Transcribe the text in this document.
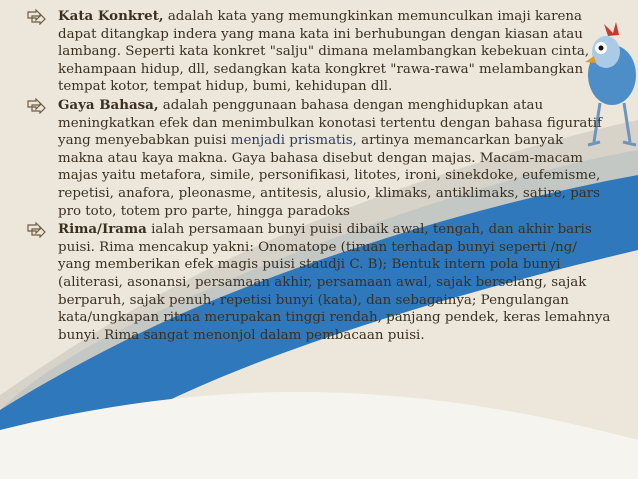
Kata Konkret, adalah kata yang memungkinkan memunculkan imaji karena dapat ditangkap indera yang mana kata ini berhubungan dengan kiasan atau lambang. Seperti kata konkret "salju" dimana melambangkan kebekuan cinta, kehampaan hidup, dll, sedangkan kata kongkret "rawa-rawa" melambangkan tempat kotor, tempat hidup, bumi, kehidupan dll.
Gaya Bahasa, adalah penggunaan bahasa dengan menghidupkan atau meningkatkan efek dan menimbulkan konotasi tertentu dengan bahasa figuratif yang menyebabkan puisi menjadi prismatis, artinya memancarkan banyak makna atau kaya makna. Gaya bahasa disebut dengan majas. Macam-macam majas yaitu metafora, simile, personifikasi, litotes, ironi, sinekdoke, eufemisme, repetisi, anafora, pleonasme, antitesis, alusio, klimaks, antiklimaks, satire, pars pro toto, totem pro parte, hingga paradoks
Rima/Irama ialah persamaan bunyi puisi dibaik awal, tengah, dan akhir baris puisi. Rima mencakup yakni: Onomatope (tiruan terhadap bunyi seperti /ng/ yang memberikan efek magis puisi staudji C. B); Bentuk intern pola bunyi (aliterasi, asonansi, persamaan akhir, persamaan awal, sajak berselang, sajak berparuh, sajak penuh, repetisi bunyi (kata), dan sebagainya; Pengulangan kata/ungkapan ritma merupakan tinggi rendah, panjang pendek, keras lemahnya bunyi. Rima sangat menonjol dalam pembacaan puisi.
